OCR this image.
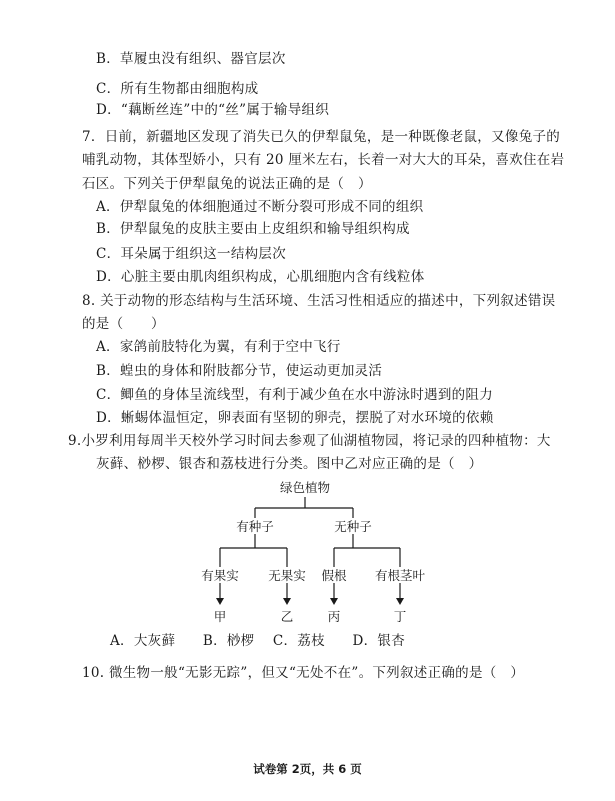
B．草履虫没有组织、器官层次
C．所有生物都由细胞构成
D．“藕断丝连”中的“丝”属于输导组织
7．日前，新疆地区发现了消失已久的伊犁鼠兔，是一种既像老鼠，又像兔子的
哺乳动物，其体型娇小，只有 20 厘米左右，长着一对大大的耳朵，喜欢住在岩
石区。下列关于伊犁鼠兔的说法正确的是（　）
A．伊犁鼠兔的体细胞通过不断分裂可形成不同的组织
B．伊犁鼠兔的皮肤主要由上皮组织和输导组织构成
C．耳朵属于组织这一结构层次
D．心脏主要由肌肉组织构成，心肌细胞内含有线粒体
8. 关于动物的形态结构与生活环境、生活习性相适应的描述中，下列叙述错误
的是（　　）
A．家鸽前肢特化为翼，有利于空中飞行
B．蝗虫的身体和附肢都分节，使运动更加灵活
C．鲫鱼的身体呈流线型，有利于减少鱼在水中游泳时遇到的阻力
D．蜥蜴体温恒定，卵表面有坚韧的卵壳，摆脱了对水环境的依赖
9.小罗利用每周半天校外学习时间去参观了仙湖植物园，将记录的四种植物：大
灰藓、桫椤、银杏和荔枝进行分类。图中乙对应正确的是（　）
绿色植物
有种子	无种子
有果实 无果实 假根 有根茎叶
甲	乙	丙	丁
A．大灰藓　　B．桫椤　 C．荔枝　　D．银杏
10. 微生物一般“无影无踪”，但又“无处不在”。下列叙述正确的是（　）
试卷第 2页，共 6 页
